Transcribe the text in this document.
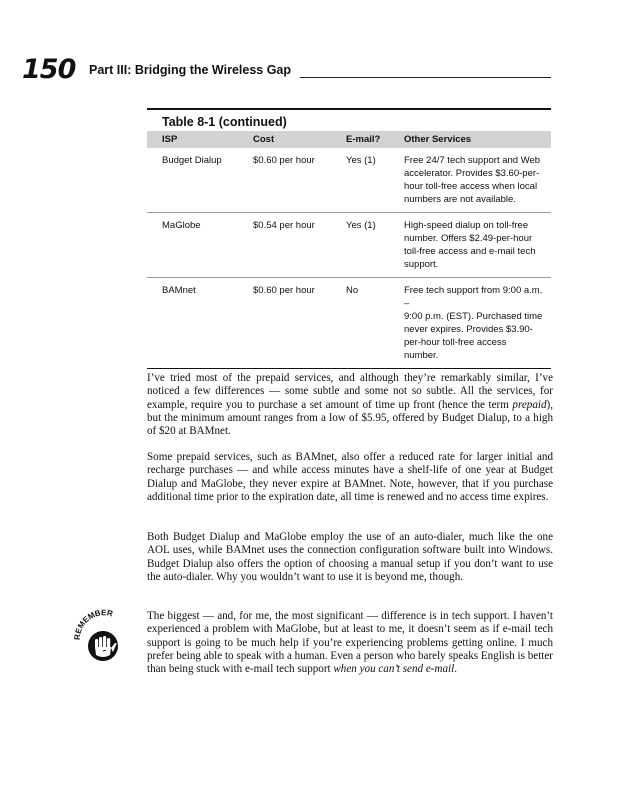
150 Part III: Bridging the Wireless Gap
Table 8-1 (continued)
ISP	Cost	E-mail?	Other Services
Budget Dialup	$0.60 per hour	Yes (1)	Free 24/7 tech support and Web
accelerator. Provides $3.60-per-
hour toll-free access when local
numbers are not available.

MaGlobe	$0.54 per hour	Yes (1)	High-speed dialup on toll-free
number. Offers $2.49-per-hour
toll-free access and e-mail tech
support.

BAMnet	$0.60 per hour	No	Free tech support from 9:00 a.m. –
9:00 p.m. (EST). Purchased time
never expires. Provides $3.90-
per-hour toll-free access
number.

I’ve tried most of the prepaid services, and although they’re remarkably similar, I’ve noticed a few differences — some subtle and some not so subtle. All the services, for example, require you to purchase a set amount of time up front (hence the term prepaid), but the minimum amount ranges from a low of $5.95, offered by Budget Dialup, to a high of $20 at BAMnet.

Some prepaid services, such as BAMnet, also offer a reduced rate for larger initial and recharge purchases — and while access minutes have a shelf-life of one year at Budget Dialup and MaGlobe, they never expire at BAMnet. Note, however, that if you purchase additional time prior to the expiration date, all time is renewed and no access time expires.

Both Budget Dialup and MaGlobe employ the use of an auto-dialer, much like the one AOL uses, while BAMnet uses the connection configuration software built into Windows. Budget Dialup also offers the option of choosing a manual setup if you don’t want to use the auto-dialer. Why you wouldn’t want to use it is beyond me, though.

REMEMBER	The biggest — and, for me, the most significant — difference is in tech support. I haven’t experienced a problem with MaGlobe, but at least to me, it doesn’t seem as if e-mail tech support is going to be much help if you’re experiencing problems getting online. I much prefer being able to speak with a human. Even a person who barely speaks English is better than being stuck with e-mail tech support when you can’t send e-mail.
